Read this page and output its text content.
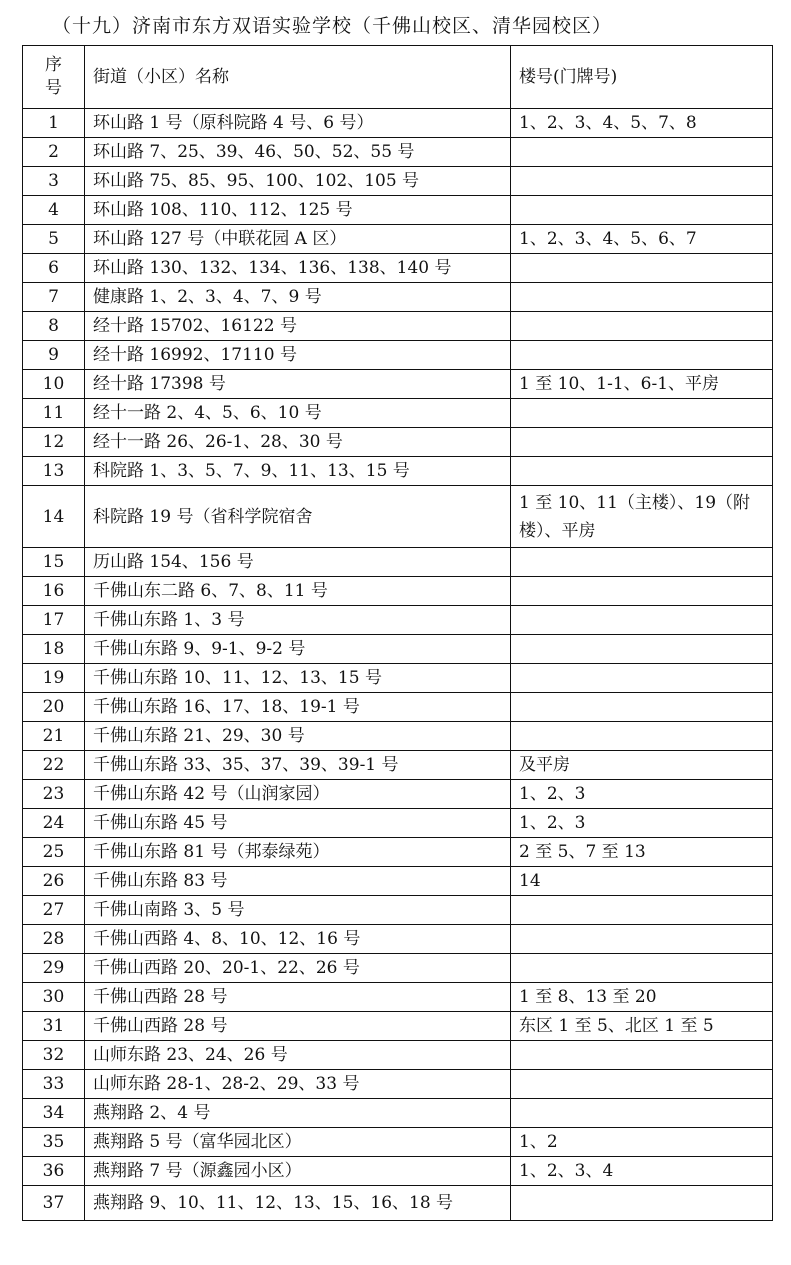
（十九）济南市东方双语实验学校（千佛山校区、清华园校区）
序
号	街道（小区）名称	楼号(门牌号)
1	环山路 1 号（原科院路 4 号、6 号）	1、2、3、4、5、7、8
2	环山路 7、25、39、46、50、52、55 号	
3	环山路 75、85、95、100、102、105 号	
4	环山路 108、110、112、125 号	
5	环山路 127 号（中联花园 A 区）	1、2、3、4、5、6、7
6	环山路 130、132、134、136、138、140 号	
7	健康路 1、2、3、4、7、9 号	
8	经十路 15702、16122 号	
9	经十路 16992、17110 号	
10	经十路 17398 号	1 至 10、1-1、6-1、平房
11	经十一路 2、4、5、6、10 号	
12	经十一路 26、26-1、28、30 号	
13	科院路 1、3、5、7、9、11、13、15 号	
14	科院路 19 号（省科学院宿舍	1 至 10、11（主楼）、19（附楼）、平房
15	历山路 154、156 号	
16	千佛山东二路 6、7、8、11 号	
17	千佛山东路 1、3 号	
18	千佛山东路 9、9-1、9-2 号	
19	千佛山东路 10、11、12、13、15 号	
20	千佛山东路 16、17、18、19-1 号	
21	千佛山东路 21、29、30 号	
22	千佛山东路 33、35、37、39、39-1 号	及平房
23	千佛山东路 42 号（山润家园）	1、2、3
24	千佛山东路 45 号	1、2、3
25	千佛山东路 81 号（邦泰绿苑）	2 至 5、7 至 13
26	千佛山东路 83 号	14
27	千佛山南路 3、5 号	
28	千佛山西路 4、8、10、12、16 号	
29	千佛山西路 20、20-1、22、26 号	
30	千佛山西路 28 号	1 至 8、13 至 20
31	千佛山西路 28 号	东区 1 至 5、北区 1 至 5
32	山师东路 23、24、26 号	
33	山师东路 28-1、28-2、29、33 号	
34	燕翔路 2、4 号	
35	燕翔路 5 号（富华园北区）	1、2
36	燕翔路 7 号（源鑫园小区）	1、2、3、4
37	燕翔路 9、10、11、12、13、15、16、18 号	
